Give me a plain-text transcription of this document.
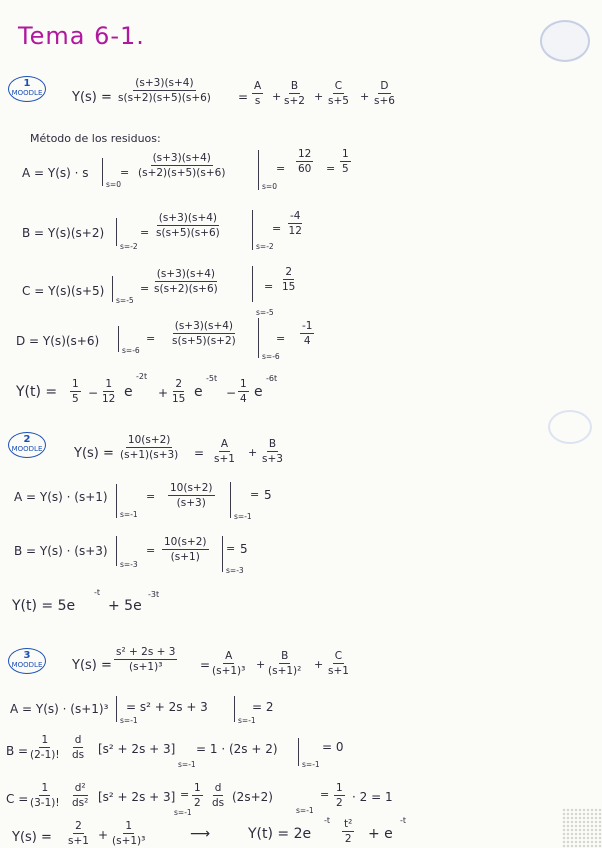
Tema 6-1.
1
MOODLE $Y(s) = \frac{(s+3)(s+4)}{s(s+2)(s+5)(s+6)} = \frac{A}{s} + \frac{B}{s+2} + \frac{C}{s+5} + \frac{D}{s+6}$
Método de los residuos:
A = Y(s) · s
s=0
= $\frac{(s+3)(s+4)}{(s+2)(s+5)(s+6)}$
s=0
= $\frac{12}{60} = \frac{1}{5}$
B = Y(s)(s+2)
s=-2
= $\frac{(s+3)(s+4)}{s(s+5)(s+6)}$
s=-2
= $\frac{-4}{12}$
C = Y(s)(s+5)
s=-5
= $\frac{(s+3)(s+4)}{s(s+2)(s+6)}$	= $\frac{2}{15}$
s=-5
D = Y(s)(s+6)
s=-6
= $\frac{(s+3)(s+4)}{s(s+5)(s+2)}$
s=-6
= $\frac{-1}{4}$
$Y(t) = \frac{1}{5} - \frac{1}{12}$ e
-2t
+ $\frac{2}{15}$ e
-5t
− $\frac{1}{4}$ e
-6t
2
MOODLE $Y(s) = \frac{10(s+2)}{(s+1)(s+3)} = \frac{A}{s+1} + \frac{B}{s+3}$
A = Y(s) · (s+1)
s=-1
= $\frac{10(s+2)}{(s+3)}$
s=-1
5
=
B = Y(s) · (s+3)
s=-3
= $\frac{10(s+2)}{(s+1)}$
s=-3
= 5
Y(t) = 5e
-t
+ 5e
-3t
3
MOODLE $Y(s) = \frac{\text{s² + 2s + 3}}{\text{(s+1)³}} = \frac{A}{\text{(s+1)³}} + \frac{B}{\text{(s+1)²}} + \frac{C}{s+1}$
A = Y(s) · (s+1)³
s=-1
= s² + 2s + 3
s=-1
= 2
$B = \frac{1}{(2-1)!} \frac{d}{ds} [s^2 + 2s + 3]$
s=-1
= 1 · (2s + 2)
s=-1
= 0
$C = \frac{1}{(3-1)!} \frac{\text{d²}}{\text{ds²}} [s^2 + 2s + 3]$
s=-1
= $\frac{1}{2} \frac{d}{ds} (2s+2)$
s=-1
= $\frac{1}{2} \cdot 2 = 1$
$Y(s) = \frac{2}{s+1} + \frac{1}{\text{(s+1)³}}$	⟶	Y(t) = 2e
$-t \frac{\text{t²}}{2} + e$
-t
